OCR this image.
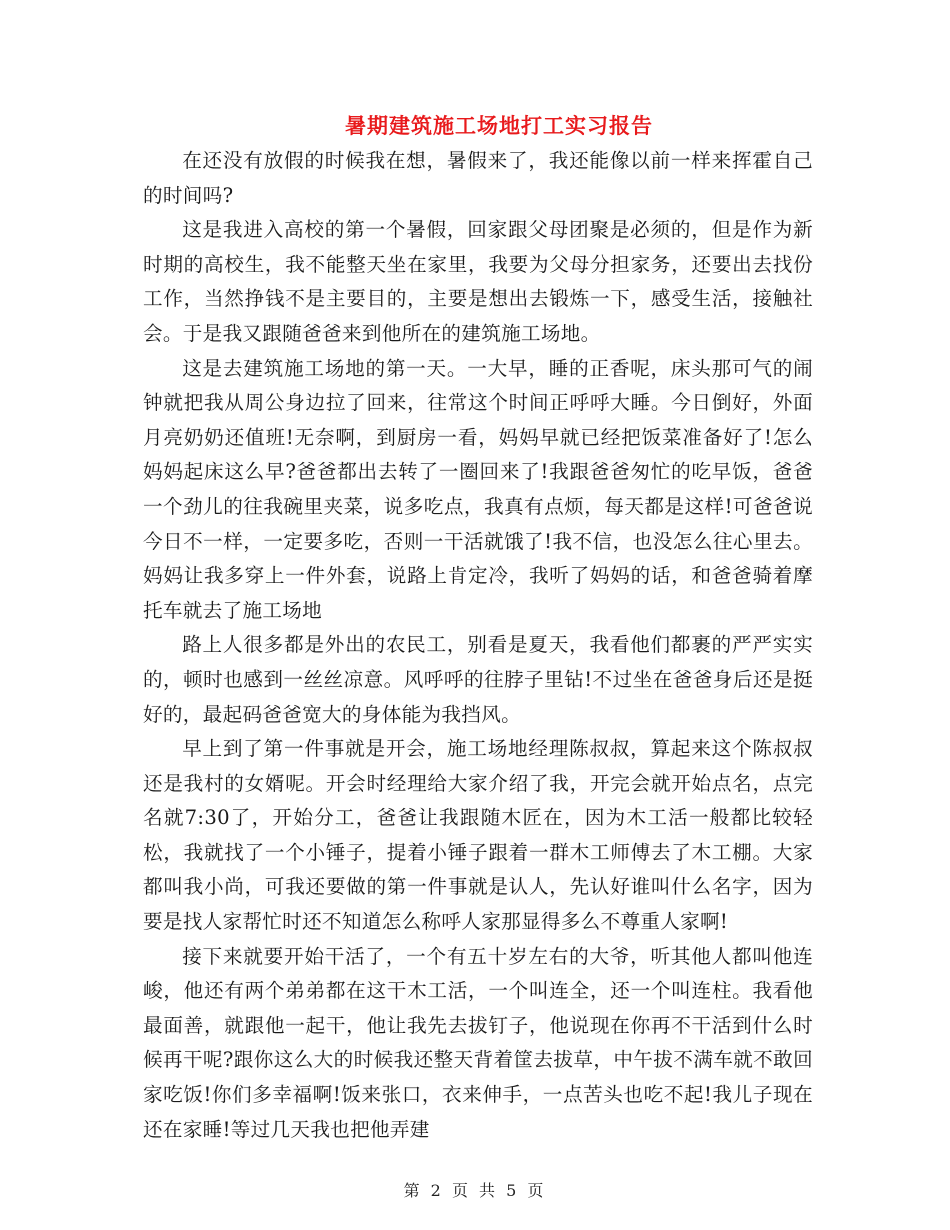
暑期建筑施工场地打工实习报告

在还没有放假的时候我在想，暑假来了，我还能像以前一样来挥霍自己的时间吗?

这是我进入高校的第一个暑假，回家跟父母团聚是必须的，但是作为新时期的高校生，我不能整天坐在家里，我要为父母分担家务，还要出去找份工作，当然挣钱不是主要目的，主要是想出去锻炼一下，感受生活，接触社会。于是我又跟随爸爸来到他所在的建筑施工场地。

这是去建筑施工场地的第一天。一大早，睡的正香呢，床头那可气的闹钟就把我从周公身边拉了回来，往常这个时间正呼呼大睡。今日倒好，外面月亮奶奶还值班!无奈啊，到厨房一看，妈妈早就已经把饭菜准备好了!怎么妈妈起床这么早?爸爸都出去转了一圈回来了!我跟爸爸匆忙的吃早饭，爸爸一个劲儿的往我碗里夹菜，说多吃点，我真有点烦，每天都是这样!可爸爸说今日不一样，一定要多吃，否则一干活就饿了!我不信，也没怎么往心里去。妈妈让我多穿上一件外套，说路上肯定冷，我听了妈妈的话，和爸爸骑着摩托车就去了施工场地

路上人很多都是外出的农民工，别看是夏天，我看他们都裹的严严实实的，顿时也感到一丝丝凉意。风呼呼的往脖子里钻!不过坐在爸爸身后还是挺好的，最起码爸爸宽大的身体能为我挡风。

早上到了第一件事就是开会，施工场地经理陈叔叔，算起来这个陈叔叔还是我村的女婿呢。开会时经理给大家介绍了我，开完会就开始点名，点完名就7:30了，开始分工，爸爸让我跟随木匠在，因为木工活一般都比较轻松，我就找了一个小锤子，提着小锤子跟着一群木工师傅去了木工棚。大家都叫我小尚，可我还要做的第一件事就是认人，先认好谁叫什么名字，因为要是找人家帮忙时还不知道怎么称呼人家那显得多么不尊重人家啊!

接下来就要开始干活了，一个有五十岁左右的大爷，听其他人都叫他连峻，他还有两个弟弟都在这干木工活，一个叫连全，还一个叫连柱。我看他最面善，就跟他一起干，他让我先去拔钉子，他说现在你再不干活到什么时候再干呢?跟你这么大的时候我还整天背着筐去拔草，中午拔不满车就不敢回家吃饭!你们多幸福啊!饭来张口，衣来伸手，一点苦头也吃不起!我儿子现在还在家睡!等过几天我也把他弄建

第 2 页 共 5 页
